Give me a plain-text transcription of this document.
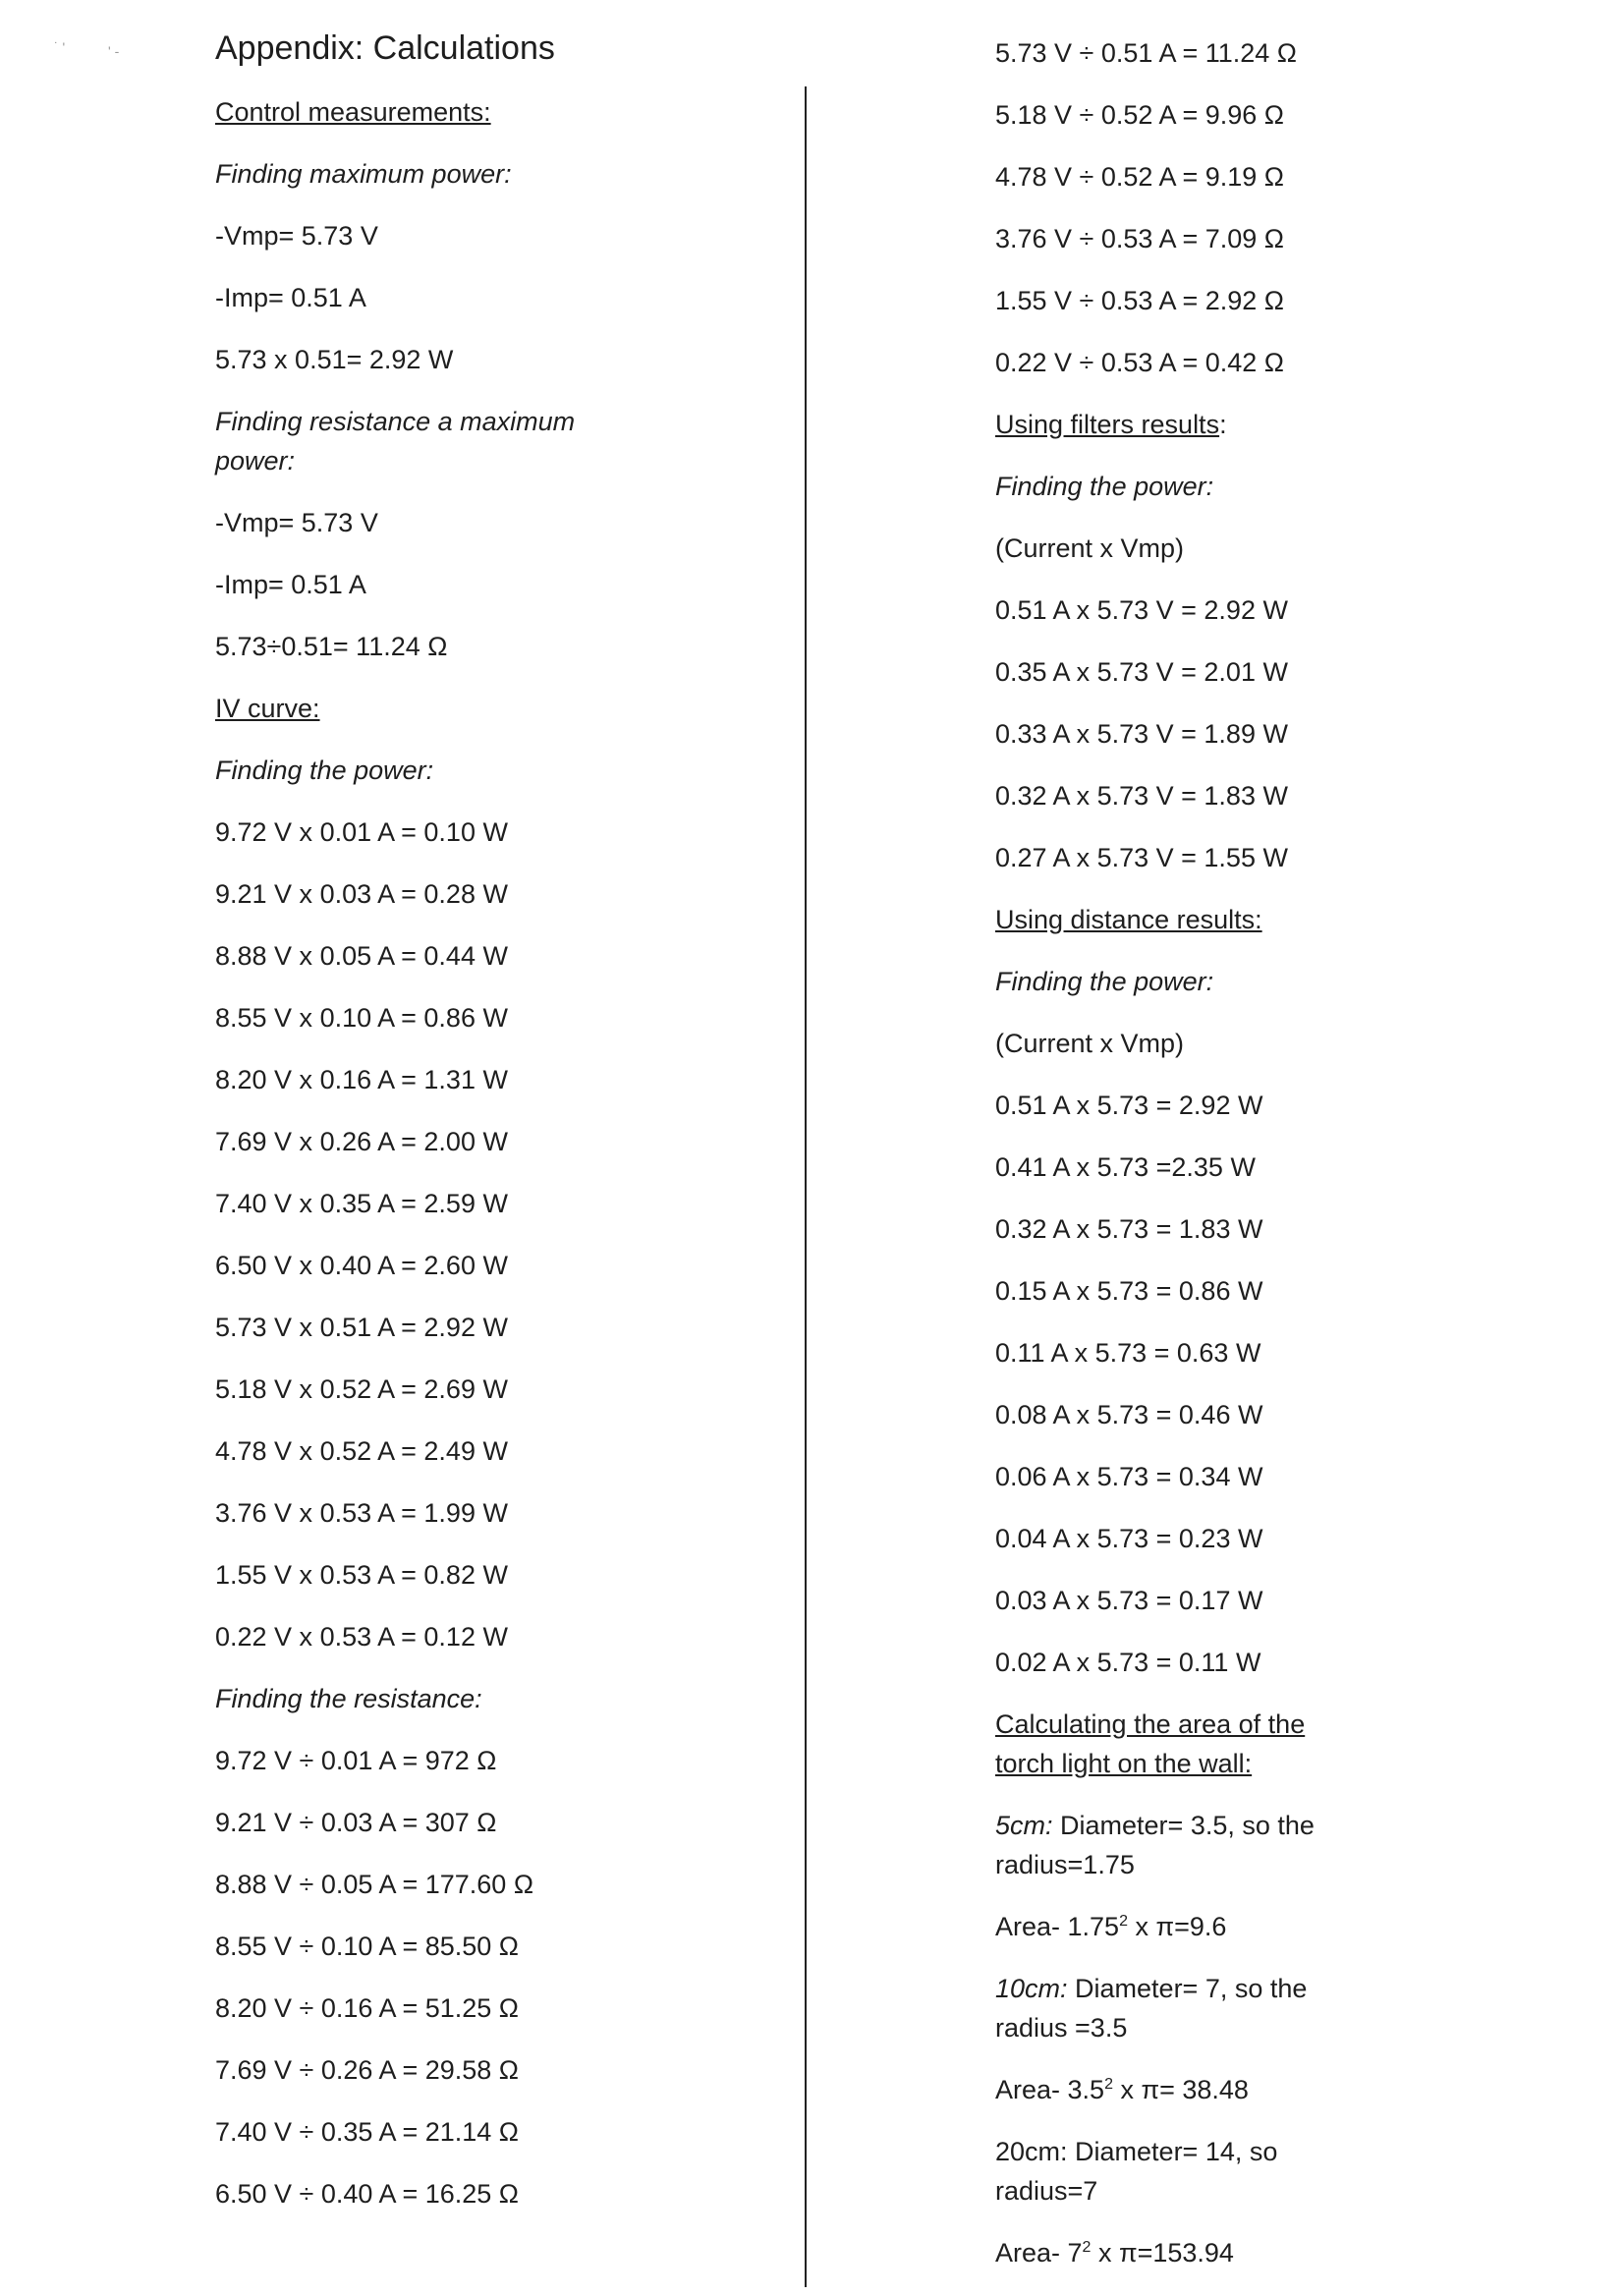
˙ '	' -	Appendix: Calculations
Control measurements:
Finding maximum power:
-Vmp= 5.73 V
-Imp= 0.51 A
5.73 x 0.51= 2.92 W
Finding resistance a maximum power:
-Vmp= 5.73 V
-Imp= 0.51 A
5.73÷0.51= 11.24 Ω
IV curve:
Finding the power:
9.72 V x 0.01 A = 0.10 W
9.21 V x 0.03 A = 0.28 W
8.88 V x 0.05 A = 0.44 W
8.55 V x 0.10 A = 0.86 W
8.20 V x 0.16 A = 1.31 W
7.69 V x 0.26 A = 2.00 W
7.40 V x 0.35 A = 2.59 W
6.50 V x 0.40 A = 2.60 W
5.73 V x 0.51 A = 2.92 W
5.18 V x 0.52 A = 2.69 W
4.78 V x 0.52 A = 2.49 W
3.76 V x 0.53 A = 1.99 W
1.55 V x 0.53 A = 0.82 W
0.22 V x 0.53 A = 0.12 W
Finding the resistance:
9.72 V ÷ 0.01 A = 972 Ω
9.21 V ÷ 0.03 A = 307 Ω
8.88 V ÷ 0.05 A = 177.60 Ω
8.55 V ÷ 0.10 A = 85.50 Ω
8.20 V ÷ 0.16 A = 51.25 Ω
7.69 V ÷ 0.26 A = 29.58 Ω
7.40 V ÷ 0.35 A = 21.14 Ω
6.50 V ÷ 0.40 A = 16.25 Ω
5.73 V ÷ 0.51 A = 11.24 Ω
5.18 V ÷ 0.52 A = 9.96 Ω
4.78 V ÷ 0.52 A = 9.19 Ω
3.76 V ÷ 0.53 A = 7.09 Ω
1.55 V ÷ 0.53 A = 2.92 Ω
0.22 V ÷ 0.53 A = 0.42 Ω
Using filters results:
Finding the power:
(Current x Vmp)
0.51 A x 5.73 V = 2.92 W
0.35 A x 5.73 V = 2.01 W
0.33 A x 5.73 V = 1.89 W
0.32 A x 5.73 V = 1.83 W
0.27 A x 5.73 V = 1.55 W
Using distance results:
Finding the power:
(Current x Vmp)
0.51 A x 5.73 = 2.92 W
0.41 A x 5.73 =2.35 W
0.32 A x 5.73 = 1.83 W
0.15 A x 5.73 = 0.86 W
0.11 A x 5.73 = 0.63 W
0.08 A x 5.73 = 0.46 W
0.06 A x 5.73 = 0.34 W
0.04 A x 5.73 = 0.23 W
0.03 A x 5.73 = 0.17 W
0.02 A x 5.73 = 0.11 W
Calculating the area of the torch light on the wall:
5cm: Diameter= 3.5, so the radius=1.75
Area- 1.75$^2$ x π=9.6
10cm: Diameter= 7, so the radius =3.5
Area- $3.5^2$ x π= 38.48
20cm: Diameter= 14, so radius=7
Area- $7^2$ x π=153.94
